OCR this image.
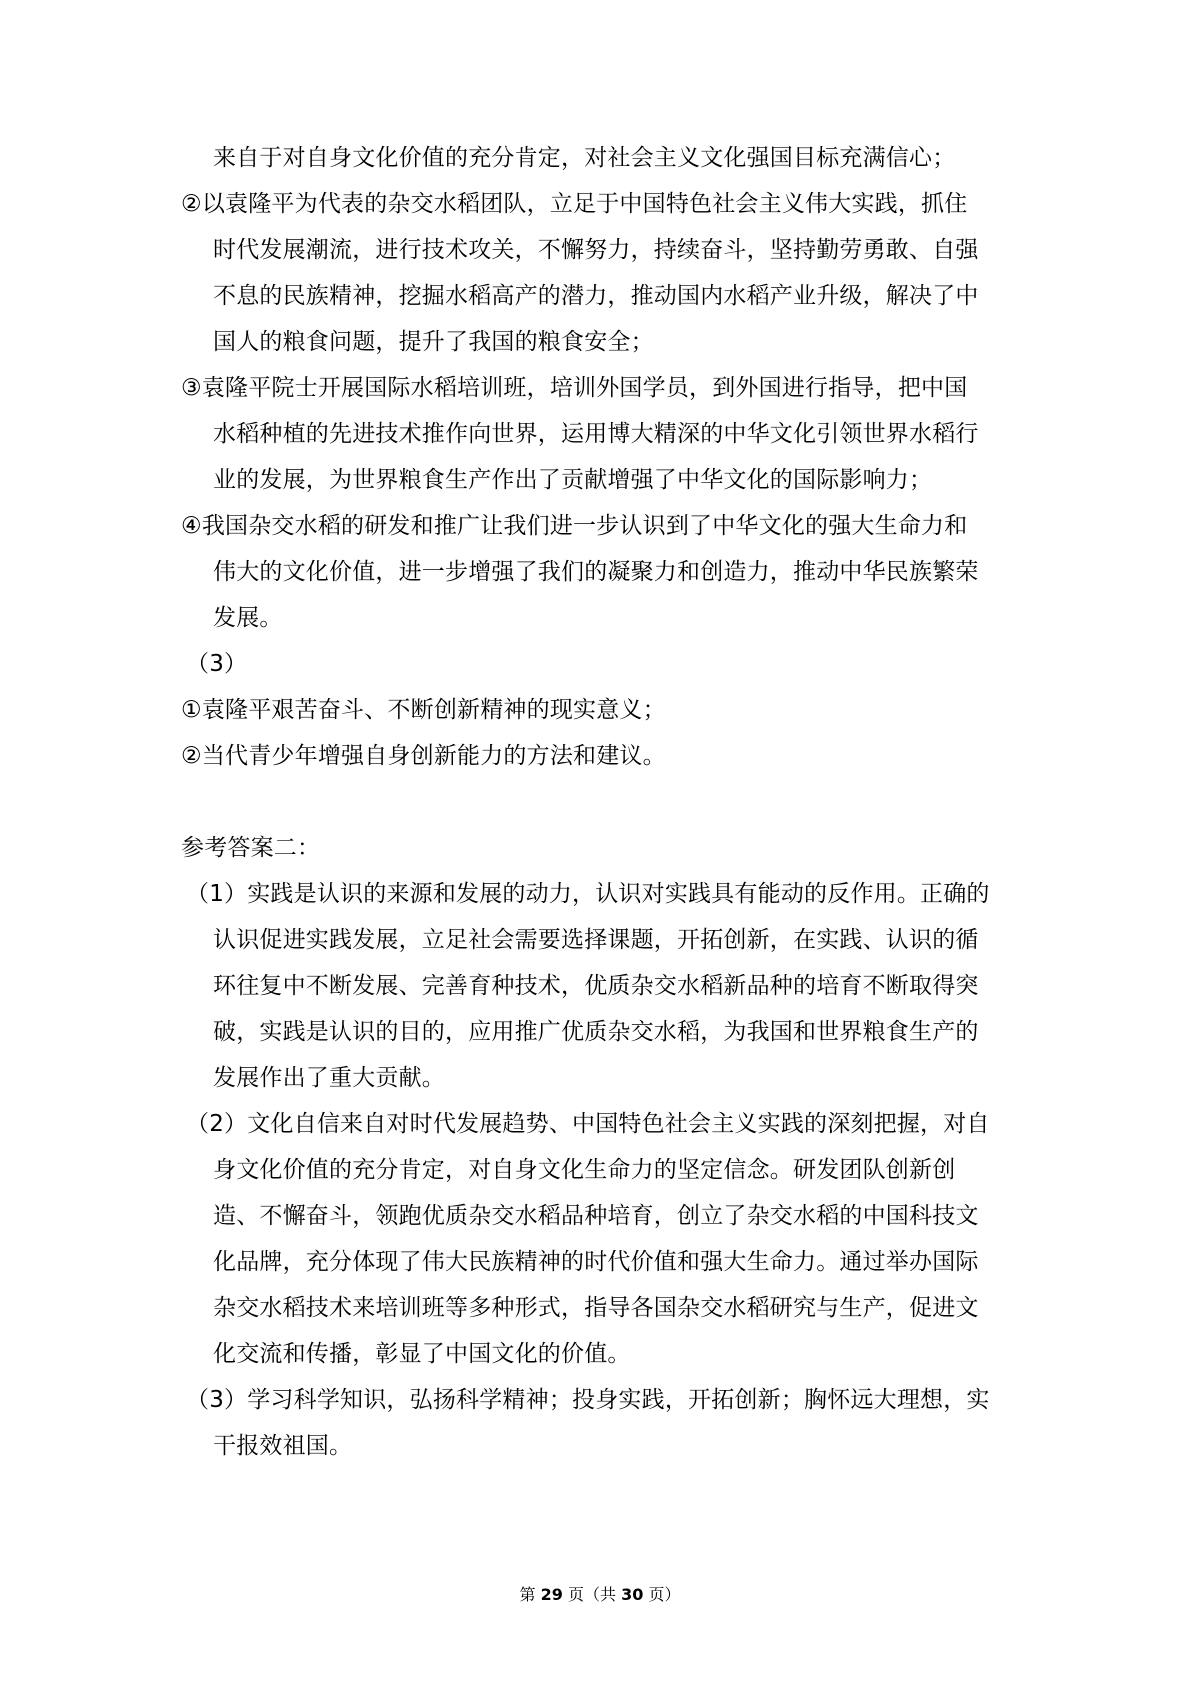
来自于对自身文化价值的充分肯定，对社会主义文化强国目标充满信心；
②以袁隆平为代表的杂交水稻团队，立足于中国特色社会主义伟大实践，抓住
时代发展潮流，进行技术攻关，不懈努力，持续奋斗，坚持勤劳勇敢、自强
不息的民族精神，挖掘水稻高产的潜力，推动国内水稻产业升级，解决了中
国人的粮食问题，提升了我国的粮食安全；
③袁隆平院士开展国际水稻培训班，培训外国学员，到外国进行指导，把中国
水稻种植的先进技术推作向世界，运用博大精深的中华文化引领世界水稻行
业的发展，为世界粮食生产作出了贡献增强了中华文化的国际影响力；
④我国杂交水稻的研发和推广让我们进一步认识到了中华文化的强大生命力和
伟大的文化价值，进一步增强了我们的凝聚力和创造力，推动中华民族繁荣
发展。
（3）
①袁隆平艰苦奋斗、不断创新精神的现实意义；
②当代青少年增强自身创新能力的方法和建议。
参考答案二：
（1）实践是认识的来源和发展的动力，认识对实践具有能动的反作用。正确的
认识促进实践发展，立足社会需要选择课题，开拓创新，在实践、认识的循
环往复中不断发展、完善育种技术，优质杂交水稻新品种的培育不断取得突
破，实践是认识的目的，应用推广优质杂交水稻，为我国和世界粮食生产的
发展作出了重大贡献。
（2）文化自信来自对时代发展趋势、中国特色社会主义实践的深刻把握，对自
身文化价值的充分肯定，对自身文化生命力的坚定信念。研发团队创新创
造、不懈奋斗，领跑优质杂交水稻品种培育，创立了杂交水稻的中国科技文
化品牌，充分体现了伟大民族精神的时代价值和强大生命力。通过举办国际
杂交水稻技术来培训班等多种形式，指导各国杂交水稻研究与生产，促进文
化交流和传播，彰显了中国文化的价值。
（3）学习科学知识，弘扬科学精神；投身实践，开拓创新；胸怀远大理想，实
干报效祖国。
第 29 页（共 30 页）
